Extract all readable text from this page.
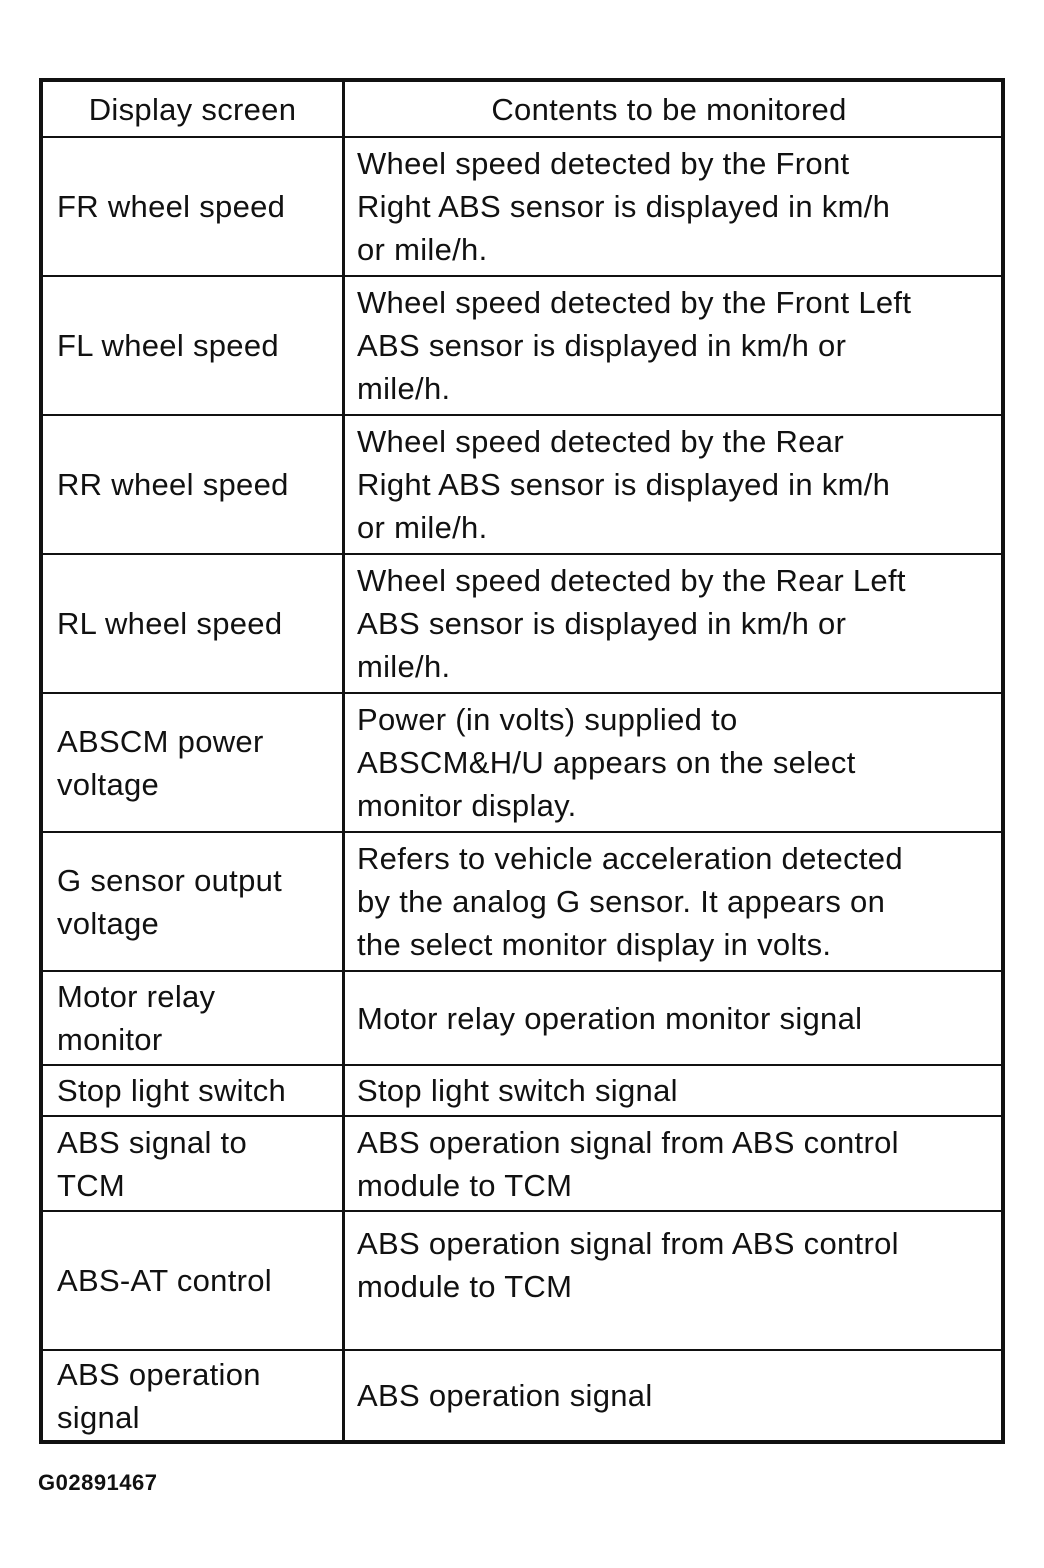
Display screen	Contents to be monitored
FR wheel speed
Wheel speed detected by the Front
Right ABS sensor is displayed in km/h
or mile/h.
FL wheel speed
Wheel speed detected by the Front Left
ABS sensor is displayed in km/h or
mile/h.
RR wheel speed
Wheel speed detected by the Rear
Right ABS sensor is displayed in km/h
or mile/h.
RL wheel speed
Wheel speed detected by the Rear Left
ABS sensor is displayed in km/h or
mile/h.
ABSCM power
voltage
Power (in volts) supplied to
ABSCM&H/U appears on the select
monitor display.
G sensor output
voltage
Refers to vehicle acceleration detected
by the analog G sensor. It appears on
the select monitor display in volts.
Motor relay
monitor
Motor relay operation monitor signal
Stop light switch	Stop light switch signal
ABS signal to
TCM
ABS operation signal from ABS control
module to TCM
ABS-AT control
ABS operation signal from ABS control
module to TCM
ABS operation
signal
ABS operation signal
G02891467
